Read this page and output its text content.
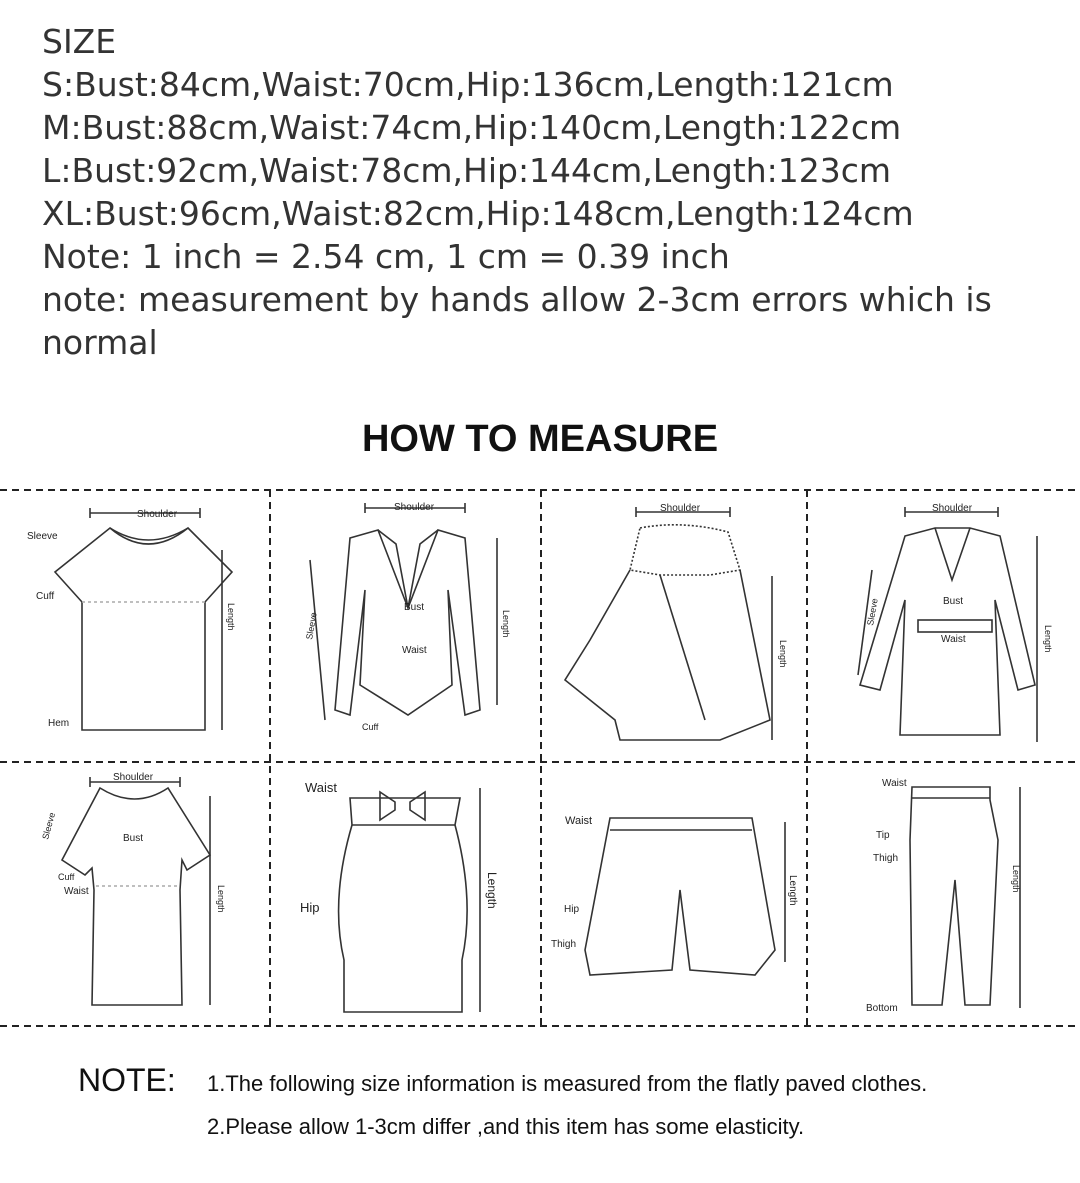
SIZE
S:Bust:84cm,Waist:70cm,Hip:136cm,Length:121cm
M:Bust:88cm,Waist:74cm,Hip:140cm,Length:122cm
L:Bust:92cm,Waist:78cm,Hip:144cm,Length:123cm
XL:Bust:96cm,Waist:82cm,Hip:148cm,Length:124cm
Note: 1 inch = 2.54 cm, 1 cm = 0.39 inch
note: measurement by hands allow 2-3cm errors which is normal
HOW TO MEASURE
Shoulder
Sleeve
Cuff
Hem
Length
Shoulder
Bust
Waist
Cuff
Sleeve	Length
Shoulder
Length
Shoulder
Bust
Waist
Sleeve
Length
Shoulder
Bust
Cuff
Waist
Sleeve
Length
Waist
Hip	Length
Waist
Hip
Thigh
Length
Waist
Tip
Thigh
Bottom
Length
NOTE: 1.The following size information is measured from the flatly paved clothes.
2.Please allow 1-3cm differ ,and this item has some elasticity.
